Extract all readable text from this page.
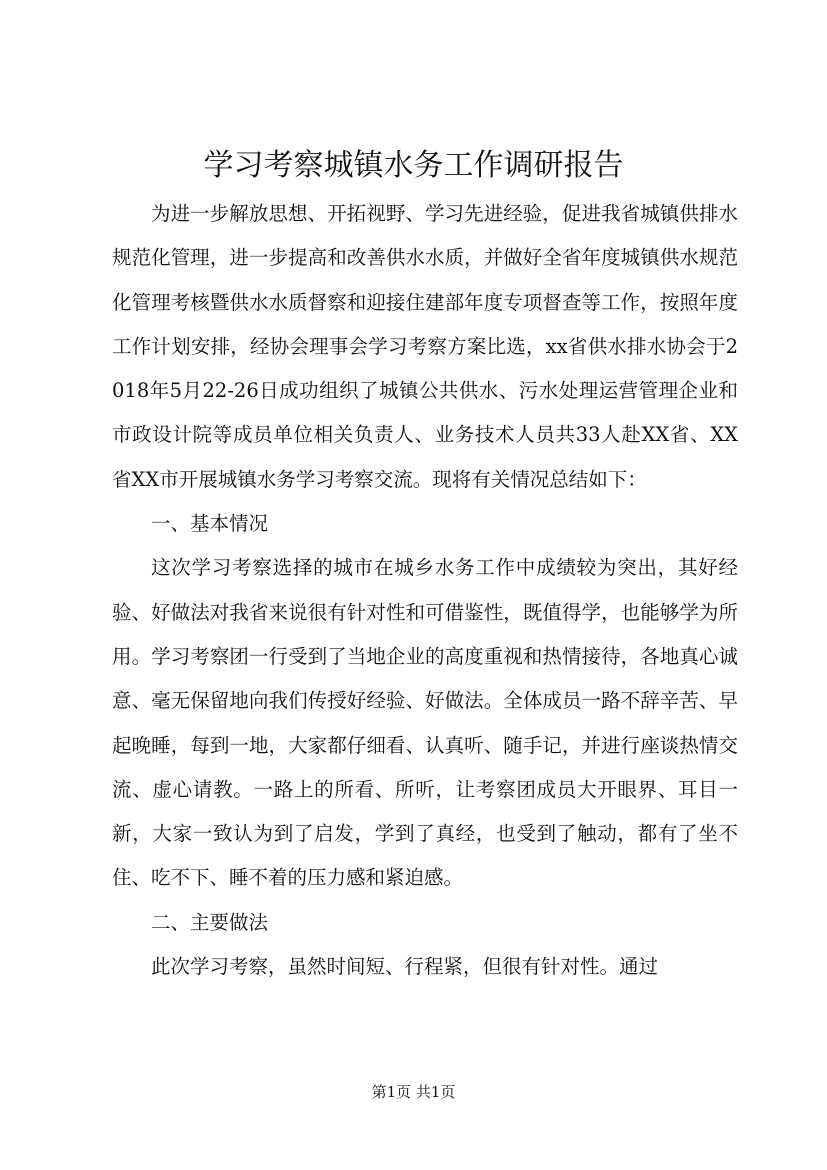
学习考察城镇水务工作调研报告

为进一步解放思想、开拓视野、学习先进经验，促进我省城镇供排水规范化管理，进一步提高和改善供水水质，并做好全省年度城镇供水规范化管理考核暨供水水质督察和迎接住建部年度专项督查等工作，按照年度工作计划安排，经协会理事会学习考察方案比选，xx省供水排水协会于2018年5月22-26日成功组织了城镇公共供水、污水处理运营管理企业和市政设计院等成员单位相关负责人、业务技术人员共33人赴XX省、XX省XX市开展城镇水务学习考察交流。现将有关情况总结如下：

一、基本情况

这次学习考察选择的城市在城乡水务工作中成绩较为突出，其好经验、好做法对我省来说很有针对性和可借鉴性，既值得学，也能够学为所用。学习考察团一行受到了当地企业的高度重视和热情接待，各地真心诚意、毫无保留地向我们传授好经验、好做法。全体成员一路不辞辛苦、早起晚睡，每到一地，大家都仔细看、认真听、随手记，并进行座谈热情交流、虚心请教。一路上的所看、所听，让考察团成员大开眼界、耳目一新，大家一致认为到了启发，学到了真经，也受到了触动，都有了坐不住、吃不下、睡不着的压力感和紧迫感。

二、主要做法

此次学习考察，虽然时间短、行程紧，但很有针对性。通过

第1页 共1页
